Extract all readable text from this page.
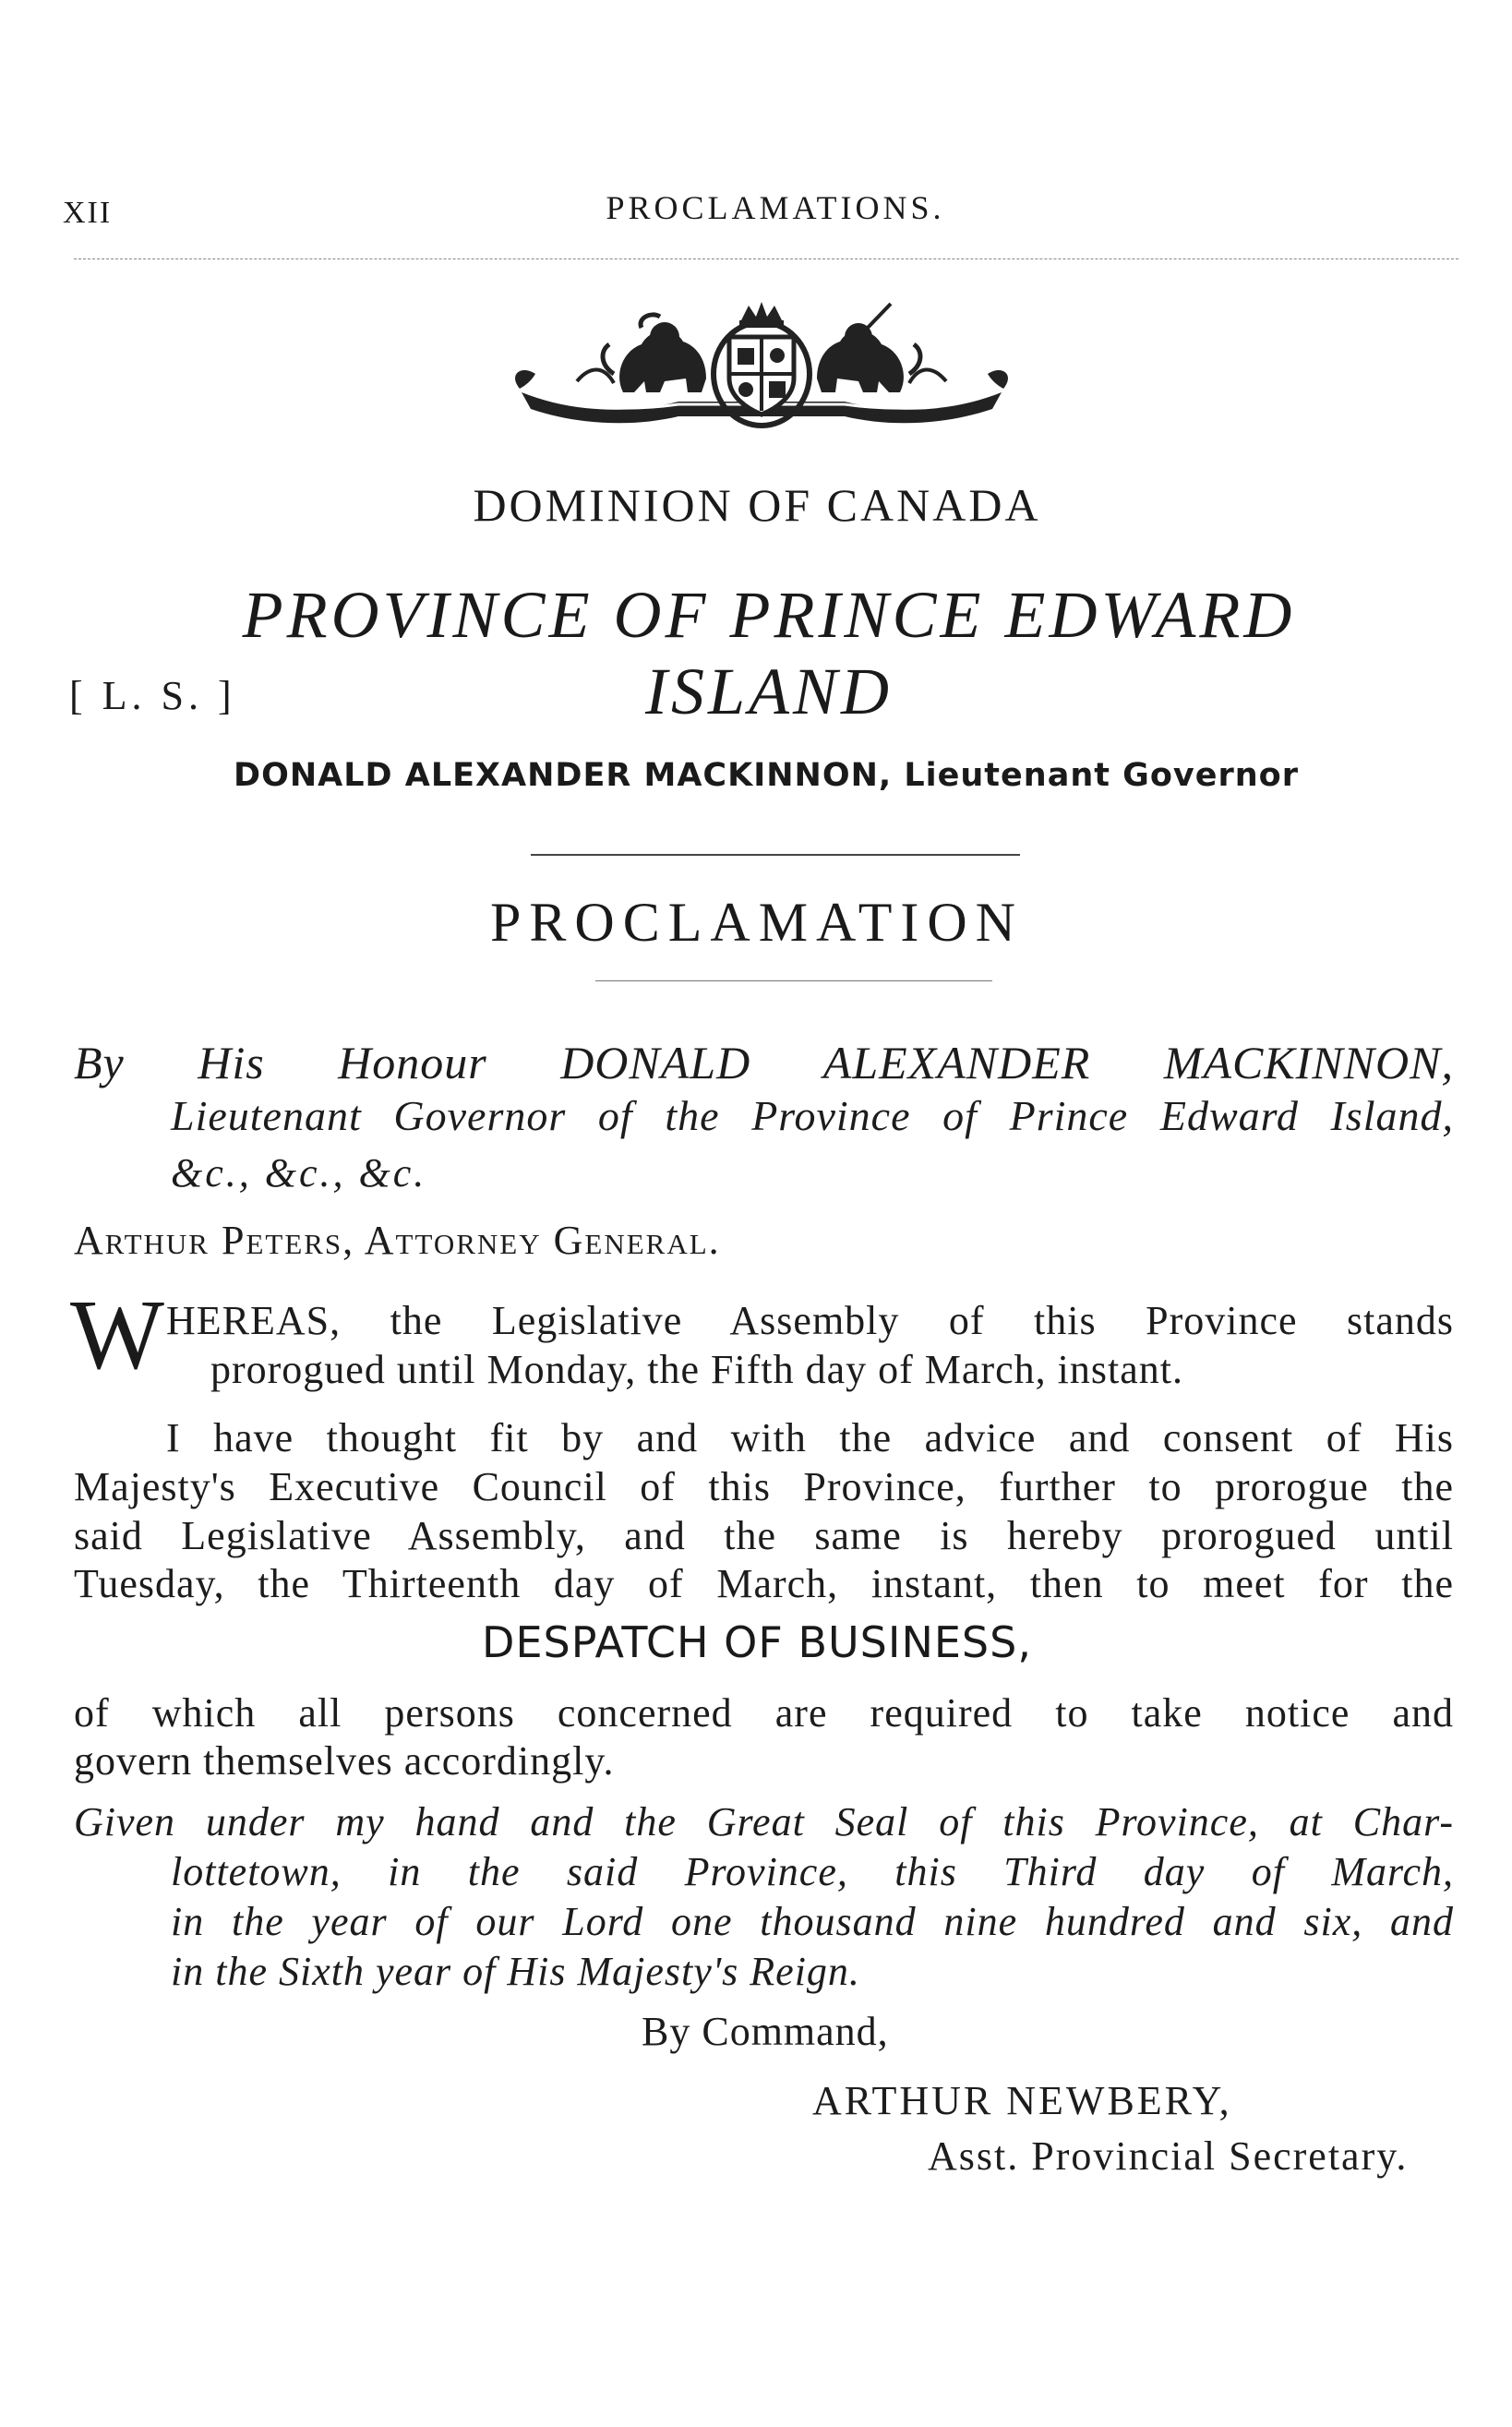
XII	PROCLAMATIONS.
DOMINION OF CANADA
PROVINCE OF PRINCE EDWARD ISLAND
[ L. S. ]
DONALD ALEXANDER MACKINNON, Lieutenant Governor
PROCLAMATION
By His Honour DONALD ALEXANDER MACKINNON,
Lieutenant Governor of the Province of Prince Edward Island,
&c., &c., &c.
Arthur Peters, Attorney General.
W HEREAS, the Legislative Assembly of this Province stands
prorogued until Monday, the Fifth day of March, instant.
I have thought fit by and with the advice and consent of His
Majesty's Executive Council of this Province, further to prorogue the
said Legislative Assembly, and the same is hereby prorogued until
Tuesday, the Thirteenth day of March, instant, then to meet for the
DESPATCH OF BUSINESS,
of which all persons concerned are required to take notice and
govern themselves accordingly.
Given under my hand and the Great Seal of this Province, at Char-
lottetown, in the said Province, this Third day of March,
in the year of our Lord one thousand nine hundred and six, and
in the Sixth year of His Majesty's Reign.
By Command,
ARTHUR NEWBERY,
Asst. Provincial Secretary.
